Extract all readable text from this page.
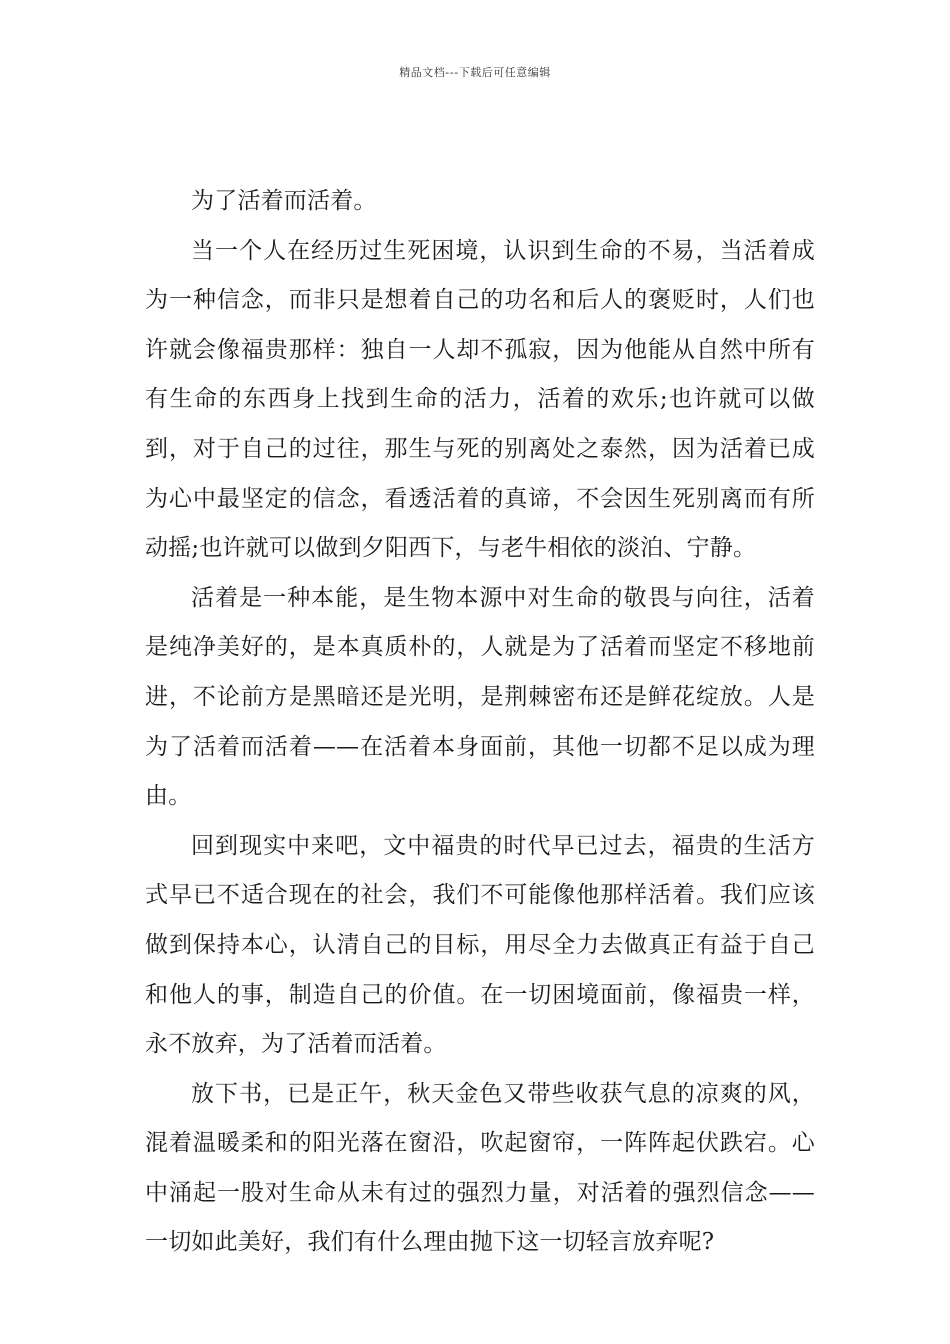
精品文档---下载后可任意编辑

为了活着而活着。

当一个人在经历过生死困境，认识到生命的不易，当活着成为一种信念，而非只是想着自己的功名和后人的褒贬时，人们也许就会像福贵那样：独自一人却不孤寂，因为他能从自然中所有有生命的东西身上找到生命的活力，活着的欢乐;也许就可以做到，对于自己的过往，那生与死的别离处之泰然，因为活着已成为心中最坚定的信念，看透活着的真谛，不会因生死别离而有所动摇;也许就可以做到夕阳西下，与老牛相依的淡泊、宁静。

活着是一种本能，是生物本源中对生命的敬畏与向往，活着是纯净美好的，是本真质朴的，人就是为了活着而坚定不移地前进，不论前方是黑暗还是光明，是荆棘密布还是鲜花绽放。人是为了活着而活着——在活着本身面前，其他一切都不足以成为理由。

回到现实中来吧，文中福贵的时代早已过去，福贵的生活方式早已不适合现在的社会，我们不可能像他那样活着。我们应该做到保持本心，认清自己的目标，用尽全力去做真正有益于自己和他人的事，制造自己的价值。在一切困境面前，像福贵一样，永不放弃，为了活着而活着。

放下书，已是正午，秋天金色又带些收获气息的凉爽的风，混着温暖柔和的阳光落在窗沿，吹起窗帘，一阵阵起伏跌宕。心中涌起一股对生命从未有过的强烈力量，对活着的强烈信念——一切如此美好，我们有什么理由抛下这一切轻言放弃呢?
